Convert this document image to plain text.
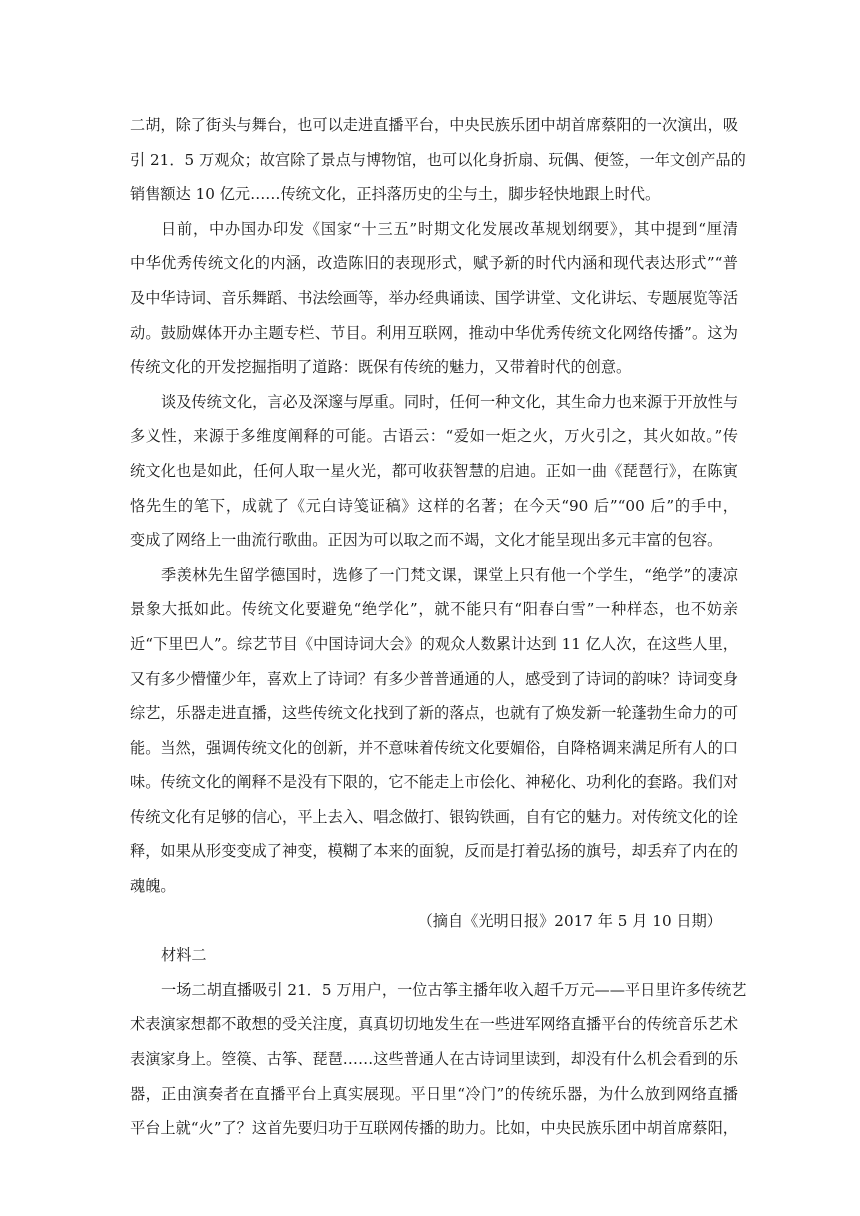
二胡，除了街头与舞台，也可以走进直播平台，中央民族乐团中胡首席蔡阳的一次演出，吸
引 21．5 万观众；故宫除了景点与博物馆，也可以化身折扇、玩偶、便签，一年文创产品的
销售额达 10 亿元……传统文化，正抖落历史的尘与土，脚步轻快地跟上时代。
日前，中办国办印发《国家“十三五”时期文化发展改革规划纲要》，其中提到“厘清
中华优秀传统文化的内涵，改造陈旧的表现形式，赋予新的时代内涵和现代表达形式”“普
及中华诗词、音乐舞蹈、书法绘画等，举办经典诵读、国学讲堂、文化讲坛、专题展览等活
动。鼓励媒体开办主题专栏、节目。利用互联网，推动中华优秀传统文化网络传播”。这为
传统文化的开发挖掘指明了道路：既保有传统的魅力，又带着时代的创意。
谈及传统文化，言必及深邃与厚重。同时，任何一种文化，其生命力也来源于开放性与
多义性，来源于多维度阐释的可能。古语云：“爱如一炬之火，万火引之，其火如故。”传
统文化也是如此，任何人取一星火光，都可收获智慧的启迪。正如一曲《琵琶行》，在陈寅
恪先生的笔下，成就了《元白诗笺证稿》这样的名著；在今天“90 后”“00 后”的手中，
变成了网络上一曲流行歌曲。正因为可以取之而不竭，文化才能呈现出多元丰富的包容。
季羡林先生留学德国时，选修了一门梵文课，课堂上只有他一个学生，“绝学”的凄凉
景象大抵如此。传统文化要避免“绝学化”，就不能只有“阳春白雪”一种样态，也不妨亲
近“下里巴人”。综艺节目《中国诗词大会》的观众人数累计达到 11 亿人次，在这些人里，
又有多少懵懂少年，喜欢上了诗词？有多少普普通通的人，感受到了诗词的韵味？诗词变身
综艺，乐器走进直播，这些传统文化找到了新的落点，也就有了焕发新一轮蓬勃生命力的可
能。当然，强调传统文化的创新，并不意味着传统文化要媚俗，自降格调来满足所有人的口
味。传统文化的阐释不是没有下限的，它不能走上市侩化、神秘化、功利化的套路。我们对
传统文化有足够的信心，平上去入、唱念做打、银钩铁画，自有它的魅力。对传统文化的诠
释，如果从形变变成了神变，模糊了本来的面貌，反而是打着弘扬的旗号，却丢弃了内在的
魂魄。
（摘自《光明日报》2017 年 5 月 10 日期）
材料二
一场二胡直播吸引 21．5 万用户，一位古筝主播年收入超千万元——平日里许多传统艺
术表演家想都不敢想的受关注度，真真切切地发生在一些进军网络直播平台的传统音乐艺术
表演家身上。箜篌、古筝、琵琶……这些普通人在古诗词里读到，却没有什么机会看到的乐
器，正由演奏者在直播平台上真实展现。平日里“冷门”的传统乐器，为什么放到网络直播
平台上就“火”了？这首先要归功于互联网传播的助力。比如，中央民族乐团中胡首席蔡阳，
